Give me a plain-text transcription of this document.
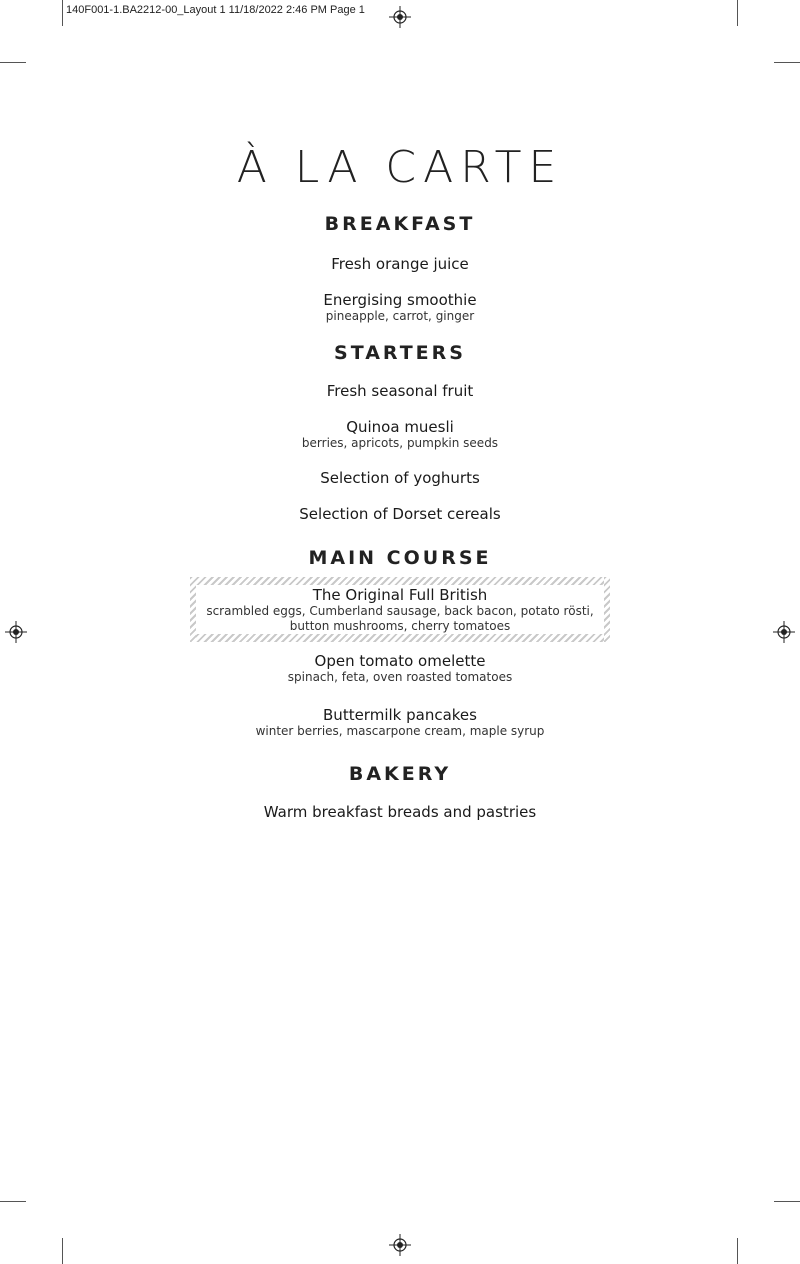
140F001-1.BA2212-00_Layout 1 11/18/2022 2:46 PM Page 1
À LA CARTE
BREAKFAST
Fresh orange juice
Energising smoothie
pineapple, carrot, ginger
STARTERS
Fresh seasonal fruit
Quinoa muesli
berries, apricots, pumpkin seeds
Selection of yoghurts
Selection of Dorset cereals
MAIN COURSE
The Original Full British
scrambled eggs, Cumberland sausage, back bacon, potato rösti,
button mushrooms, cherry tomatoes
Open tomato omelette
spinach, feta, oven roasted tomatoes
Buttermilk pancakes
winter berries, mascarpone cream, maple syrup
BAKERY
Warm breakfast breads and pastries
